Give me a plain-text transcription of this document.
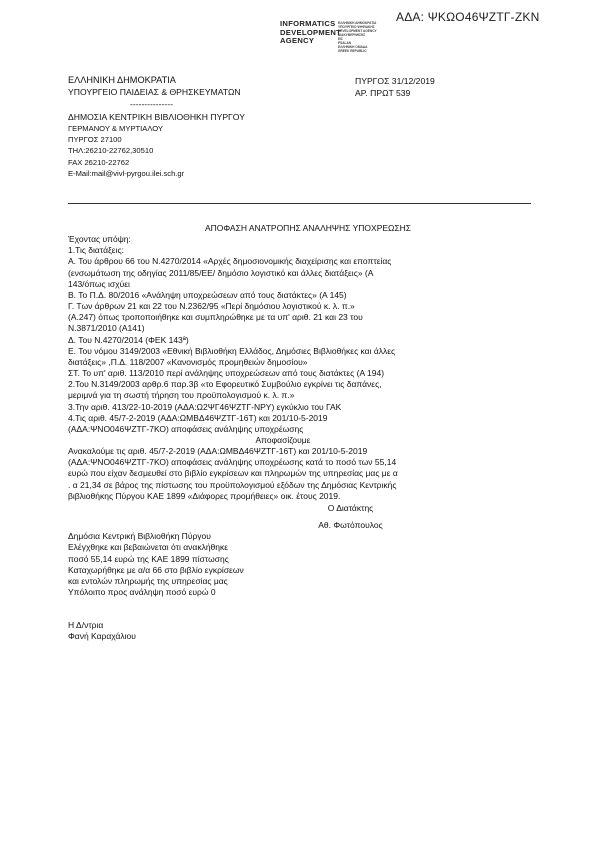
ΑΔΑ: ΨΚΩΟ46ΨΖΤΓ-ΖΚΝ
INFORMATICS
DEVELOPMENT
AGENCY
ΕΛΛΗΝΙΚΗ ΔΗΜΟΚΡΑΤΙΑ
ΥΠΟΥΡΓΕΙΟ ΨΗΦΙΑΚΗΣ
DEVELOPMENT AGENCY
ΔΙΑΚΥΒΕΡΝΗΣΗΣ
ΕΙΣ
PSALAN
ΕΛΛΗΝΙΚΗ ΟΜΑΔΑ
GREEK REPUBLIC
ΕΛΛΗΝΙΚΗ ΔΗΜΟΚΡΑΤΙΑ
ΥΠΟΥΡΓΕΙΟ ΠΑΙΔΕΙΑΣ & ΘΡΗΣΚΕΥΜΑΤΩΝ
---------------
ΔΗΜΟΣΙΑ ΚΕΝΤΡΙΚΗ ΒΙΒΛΙΟΘΗΚΗ ΠΥΡΓΟΥ
ΓΕΡΜΑΝΟΥ & ΜΥΡΤΙΑΛΟΥ
ΠΥΡΓΟΣ 27100
ΤΗΛ:26210-22762,30510
FAX 26210-22762
E-Mail:mail@vivl-pyrgou.ilei.sch.gr
ΠΥΡΓΟΣ 31/12/2019
ΑΡ. ΠΡΩΤ 539
ΑΠΟΦΑΣΗ ΑΝΑΤΡΟΠΗΣ ΑΝΑΛΗΨΗΣ ΥΠΟΧΡΕΩΣΗΣ
Έχοντας υπόψη:
1.Τις διατάξεις:
Α. Του άρθρου 66 του Ν.4270/2014 «Αρχές δημοσιονομικής διαχείρισης και εποπτείας
(ενσωμάτωση της οδηγίας 2011/85/ΕΕ/ δημόσιο λογιστικό και άλλες διατάξεις» (Α
143/όπως ισχύει
Β. Το Π.Δ. 80/2016 «Ανάληψη υποχρεώσεων από τους διατάκτες» (Α 145)
Γ. Των άρθρων 21 και 22 του Ν.2362/95 «Περί δημόσιου λογιστικού κ. λ. π.»
(Α.247) όπως τροποποιήθηκε και συμπληρώθηκε με τα υπ' αριθ. 21 και 23 του
Ν.3871/2010 (Α141)
Δ. Του Ν.4270/2014 (ΦΕΚ 143ª)
Ε. Του νόμου 3149/2003 «Εθνική Βιβλιοθήκη Ελλάδος, Δημόσιες Βιβλιοθήκες και άλλες
διατάξεις» ,Π.Δ. 118/2007 «Κανονισμός προμηθειών δημοσίου»
ΣΤ. Το υπ' αριθ. 113/2010 περί ανάληψης υποχρεώσεων από τους διατάκτες (Α 194)
2.Του Ν.3149/2003 αρθρ.6 παρ.3β «το Εφορευτικό Συμβούλιο εγκρίνει τις δαπάνες,
μεριμνά για τη σωστή τήρηση του προϋπολογισμού κ. λ. π.»
3.Την αριθ. 413/22-10-2019 (ΑΔΑ:Ω2ΨΓ46ΨΖΤΓ-ΝΡΥ) εγκύκλιο του ΓΑΚ
4.Τις αριθ. 45/7-2-2019 (ΑΔΑ:ΩΜΒΔ46ΨΖΤΓ-16Τ) και 201/10-5-2019
(ΑΔΑ:ΨΝΟ046ΨΖΤΓ-7ΚΟ) αποφάσεις ανάληψης υποχρέωσης
Αποφασίζουμε
Ανακαλούμε τις αριθ. 45/7-2-2019 (ΑΔΑ:ΩΜΒΔ46ΨΖΤΓ-16Τ) και 201/10-5-2019
(ΑΔΑ:ΨΝΟ046ΨΖΤΓ-7ΚΟ) αποφάσεις ανάληψης υποχρέωσης κατά το ποσό των 55,14
ευρώ που είχαν δεσμευθεί στο βιβλίο εγκρίσεων και πληρωμών της υπηρεσίας μας με α
. α 21,34 σε βάρος της πίστωσης του προϋπολογισμού εξόδων της Δημόσιας Κεντρικής
βιβλιοθήκης Πύργου ΚΑΕ 1899 «Διάφορες προμήθειες» οικ. έτους 2019.
Ο Διατάκτης
Αθ. Φωτόπουλος
Δημόσια Κεντρική Βιβλιοθήκη Πύργου
Ελέγχθηκε και βεβαιώνεται ότι ανακλήθηκε
ποσό 55,14 ευρώ της ΚΑΕ 1899 πίστωσης
Καταχωρήθηκε με α/α 66 στο βιβλίο εγκρίσεων
και εντολών πληρωμής της υπηρεσίας μας
Υπόλοιπο προς ανάληψη ποσό ευρώ 0
Η Δ/ντρια
Φανή Καραχάλιου
